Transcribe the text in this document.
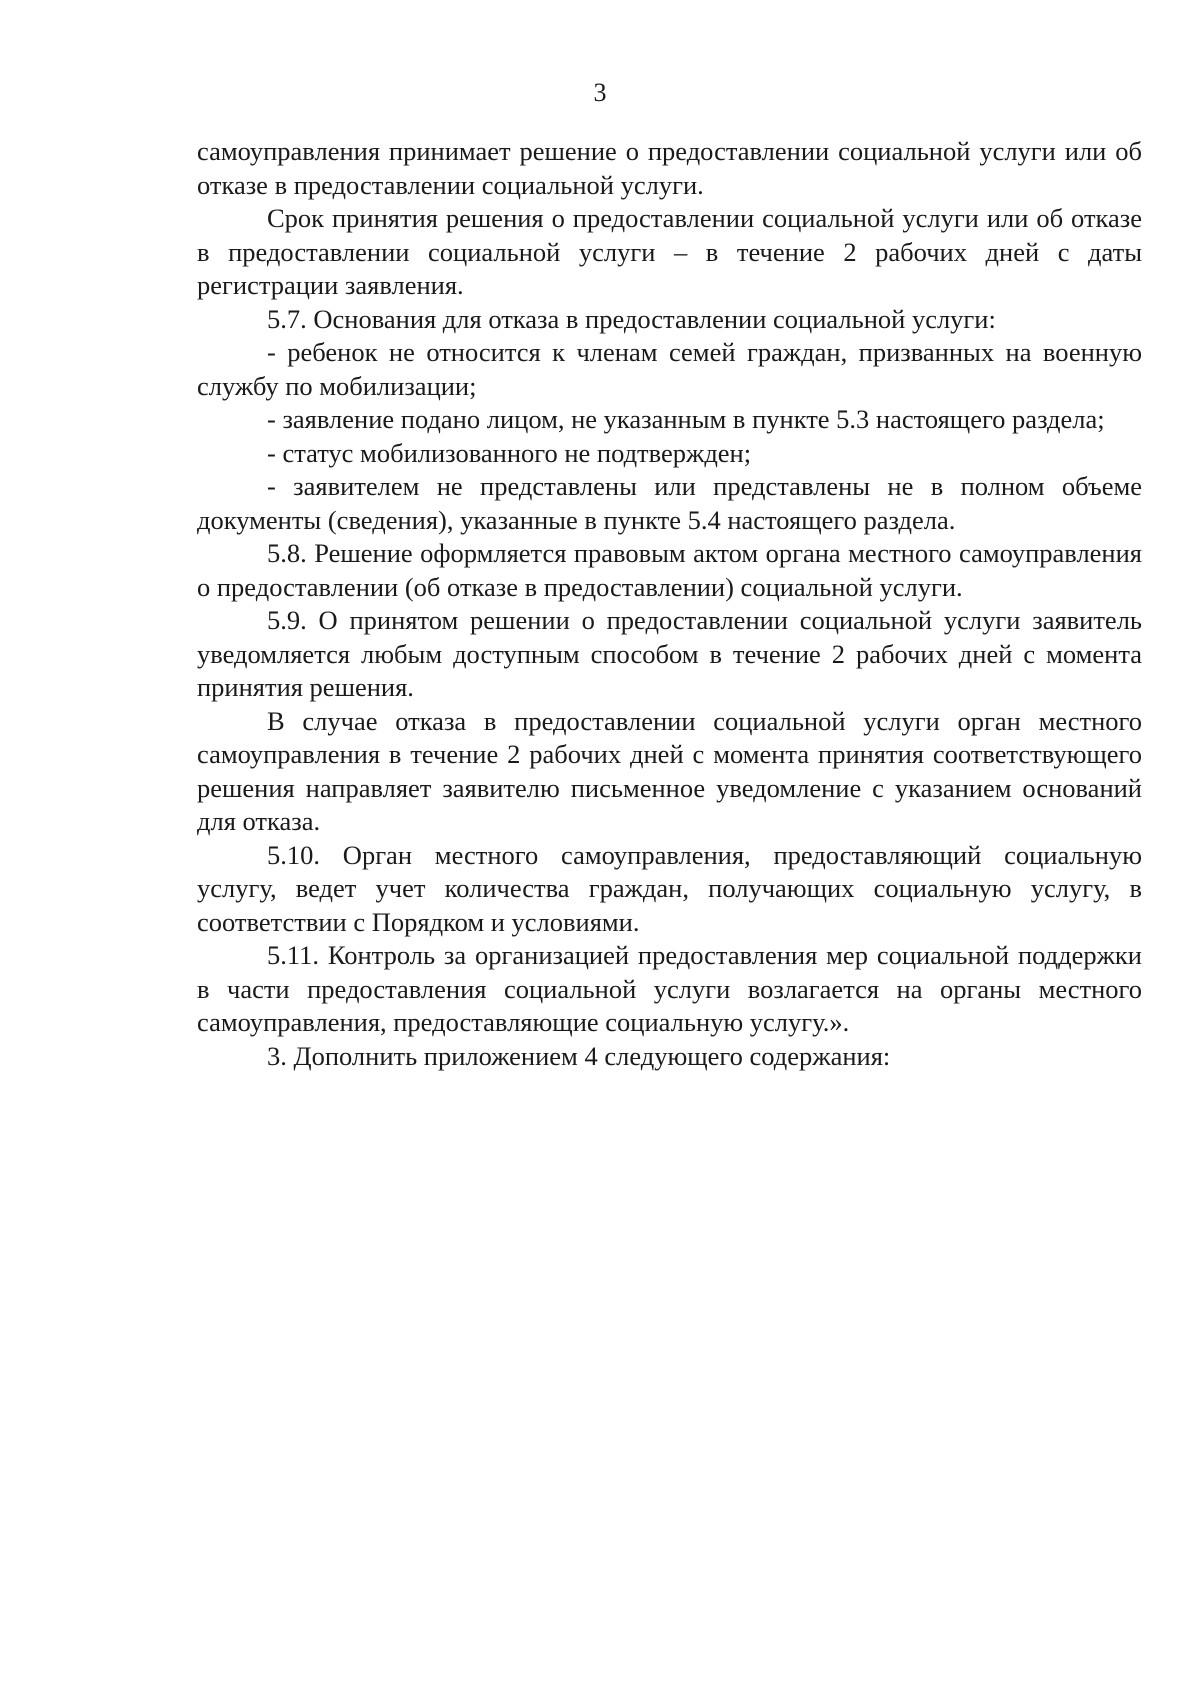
3

самоуправления принимает решение о предоставлении социальной услуги или об отказе в предоставлении социальной услуги.

Срок принятия решения о предоставлении социальной услуги или об отказе в предоставлении социальной услуги – в течение 2 рабочих дней с даты регистрации заявления.

5.7. Основания для отказа в предоставлении социальной услуги:

- ребенок не относится к членам семей граждан, призванных на военную службу по мобилизации;

- заявление подано лицом, не указанным в пункте 5.3 настоящего раздела;

- статус мобилизованного не подтвержден;

- заявителем не представлены или представлены не в полном объеме документы (сведения), указанные в пункте 5.4 настоящего раздела.

5.8. Решение оформляется правовым актом органа местного самоуправления о предоставлении (об отказе в предоставлении) социальной услуги.

5.9. О принятом решении о предоставлении социальной услуги заявитель уведомляется любым доступным способом в течение 2 рабочих дней с момента принятия решения.

В случае отказа в предоставлении социальной услуги орган местного самоуправления в течение 2 рабочих дней с момента принятия соответствующего решения направляет заявителю письменное уведомление с указанием оснований для отказа.

5.10. Орган местного самоуправления, предоставляющий социальную услугу, ведет учет количества граждан, получающих социальную услугу, в соответствии с Порядком и условиями.

5.11. Контроль за организацией предоставления мер социальной поддержки в части предоставления социальной услуги возлагается на органы местного самоуправления, предоставляющие социальную услугу.».

3. Дополнить приложением 4 следующего содержания:
